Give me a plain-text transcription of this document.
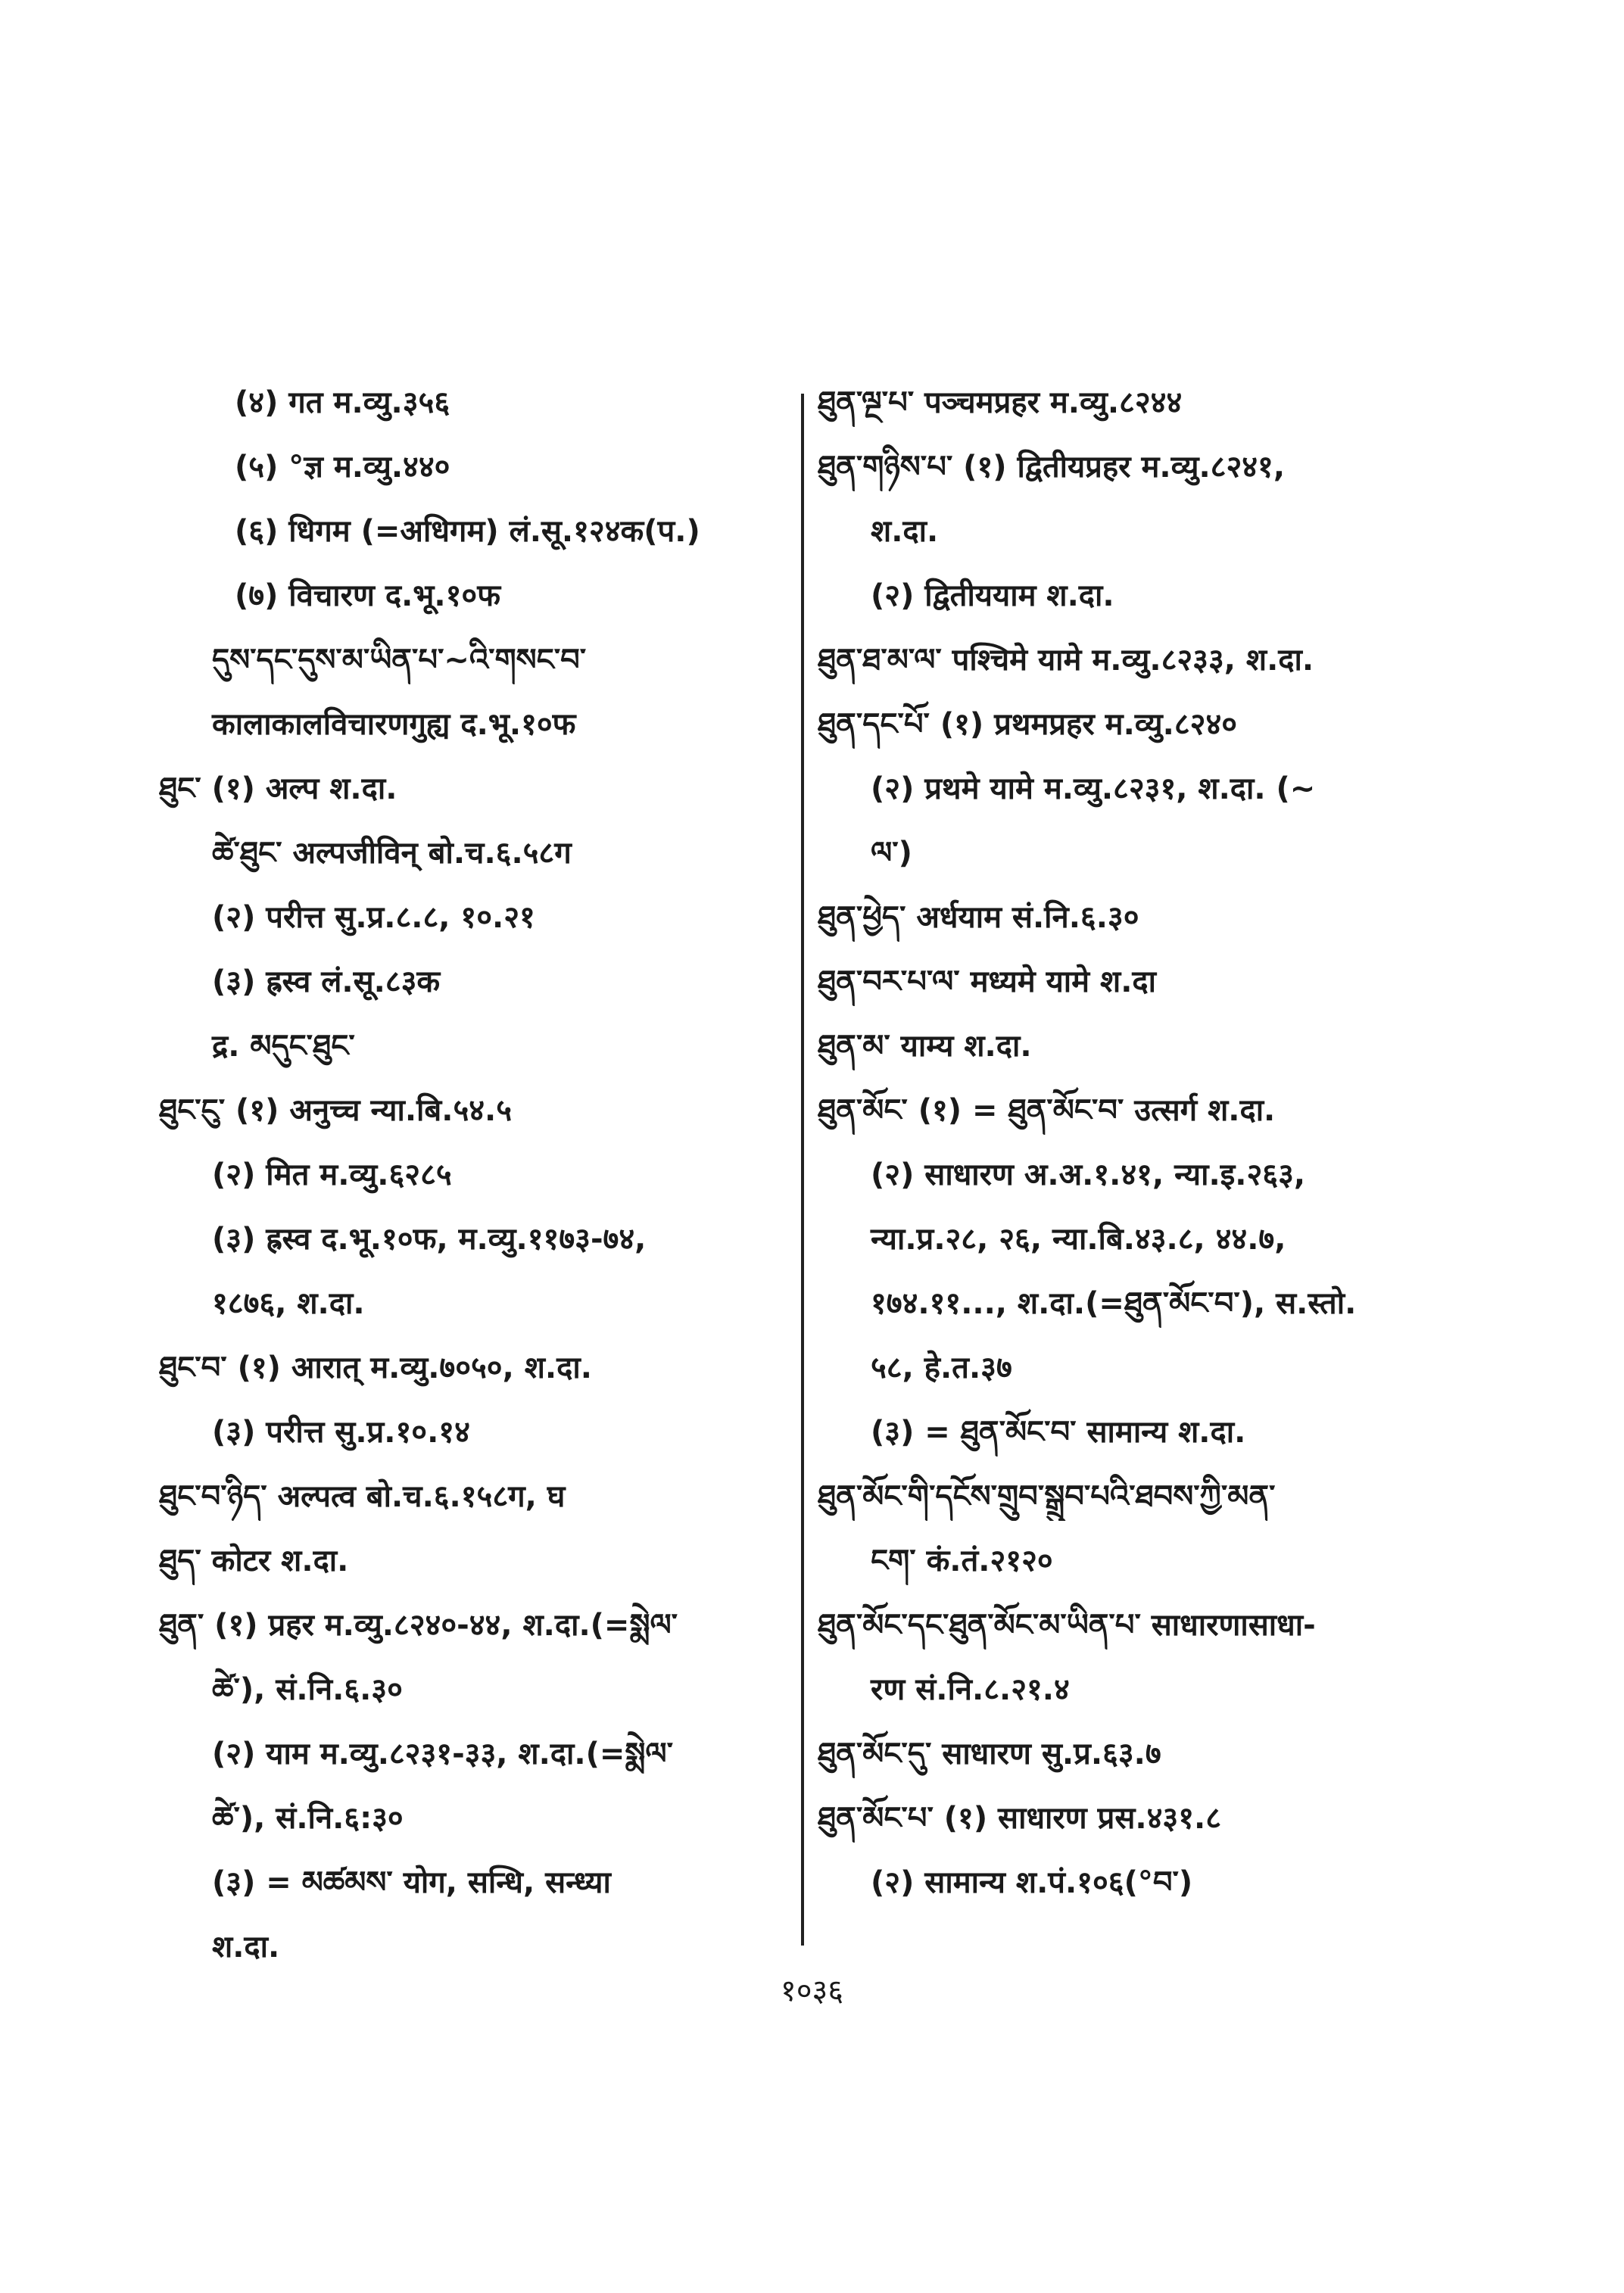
(४) गत म.व्यु.३५६
(५) °ज्ञ म.व्यु.४४०
(६) धिगम (=अधिगम) लं.सू.१२४क(प.)
(७) विचारण द.भू.१०फ
དུས་དང་དུས་མ་ཡིན་པ་~འི་གསང་བ་
कालाकालविचारणगुह्य द.भू.१०फ
ཐུང་ (१) अल्प श.दा.
ཚེ་ཐུང་ अल्पजीविन् बो.च.६.५८ग
(२) परीत्त सु.प्र.८.८, १०.२१
(३) ह्रस्व लं.सू.८३क
द्र. མདུང་ཐུང་
ཐུང་ངུ་ (१) अनुच्च न्या.बि.५४.५
(२) मित म.व्यु.६२८५
(३) ह्रस्व द.भू.१०फ, म.व्यु.११७३-७४,
१८७६, श.दा.
ཐུང་བ་ (१) आरात् म.व्यु.७०५०, श.दा.
(३) परीत्त सु.प्र.१०.१४
ཐུང་བ་ཉིད་ अल्पत्व बो.च.६.१५८ग, घ
ཐུད་ कोटर श.दा.
ཐུན་ (१) प्रहर म.व्यु.८२४०-४४, श.दा.(=སྨེལ་
ཚེ་), सं.नि.६.३०
(२) याम म.व्यु.८२३१-३३, श.दा.(=སྨེལ་
ཚེ་), सं.नि.६:३०
(३) = མཚམས་ योग, सन्धि, सन्ध्या
श.दा.
ཐུན་ལྔ་པ་ पञ्चमप्रहर म.व्यु.८२४४
ཐུན་གཉིས་པ་ (१) द्वितीयप्रहर म.व्यु.८२४१,
श.दा.
(२) द्वितीययाम श.दा.
ཐུན་ཐ་མ་ལ་ पश्चिमे यामे म.व्यु.८२३३, श.दा.
ཐུན་དང་པོ་ (१) प्रथमप्रहर म.व्यु.८२४०
(२) प्रथमे यामे म.व्यु.८२३१, श.दा. (~
ལ་)
ཐུན་ཕྱེད་ अर्धयाम सं.नि.६.३०
ཐུན་བར་པ་ལ་ मध्यमे यामे श.दा
ཐུན་མ་ याम्य श.दा.
ཐུན་མོང་ (१) = ཐུན་མོང་བ་ उत्सर्ग श.दा.
(२) साधारण अ.अ.१.४१, न्या.इ.२६३,
न्या.प्र.२८, २६, न्या.बि.४३.८, ४४.७,
१७४.११..., श.दा.(=ཐུན་མོང་བ་), स.स्तो.
५८, हे.त.३७
(३) = ཐུན་མོང་བ་ सामान्य श.दा.
ཐུན་མོང་གི་དངོས་གྲུབ་སྒྲུབ་པའི་ཐབས་ཀྱི་མན་
ངག་ कं.तं.२१२०
ཐུན་མོང་དང་ཐུན་མོང་མ་ཡིན་པ་ साधारणासाधा-
रण सं.नि.८.२१.४
ཐུན་མོང་དུ་ साधारण सु.प्र.६३.७
ཐུན་མོང་པ་ (१) साधारण प्रस.४३१.८
(२) सामान्य श.पं.१०६(°བ་)
१०३६
